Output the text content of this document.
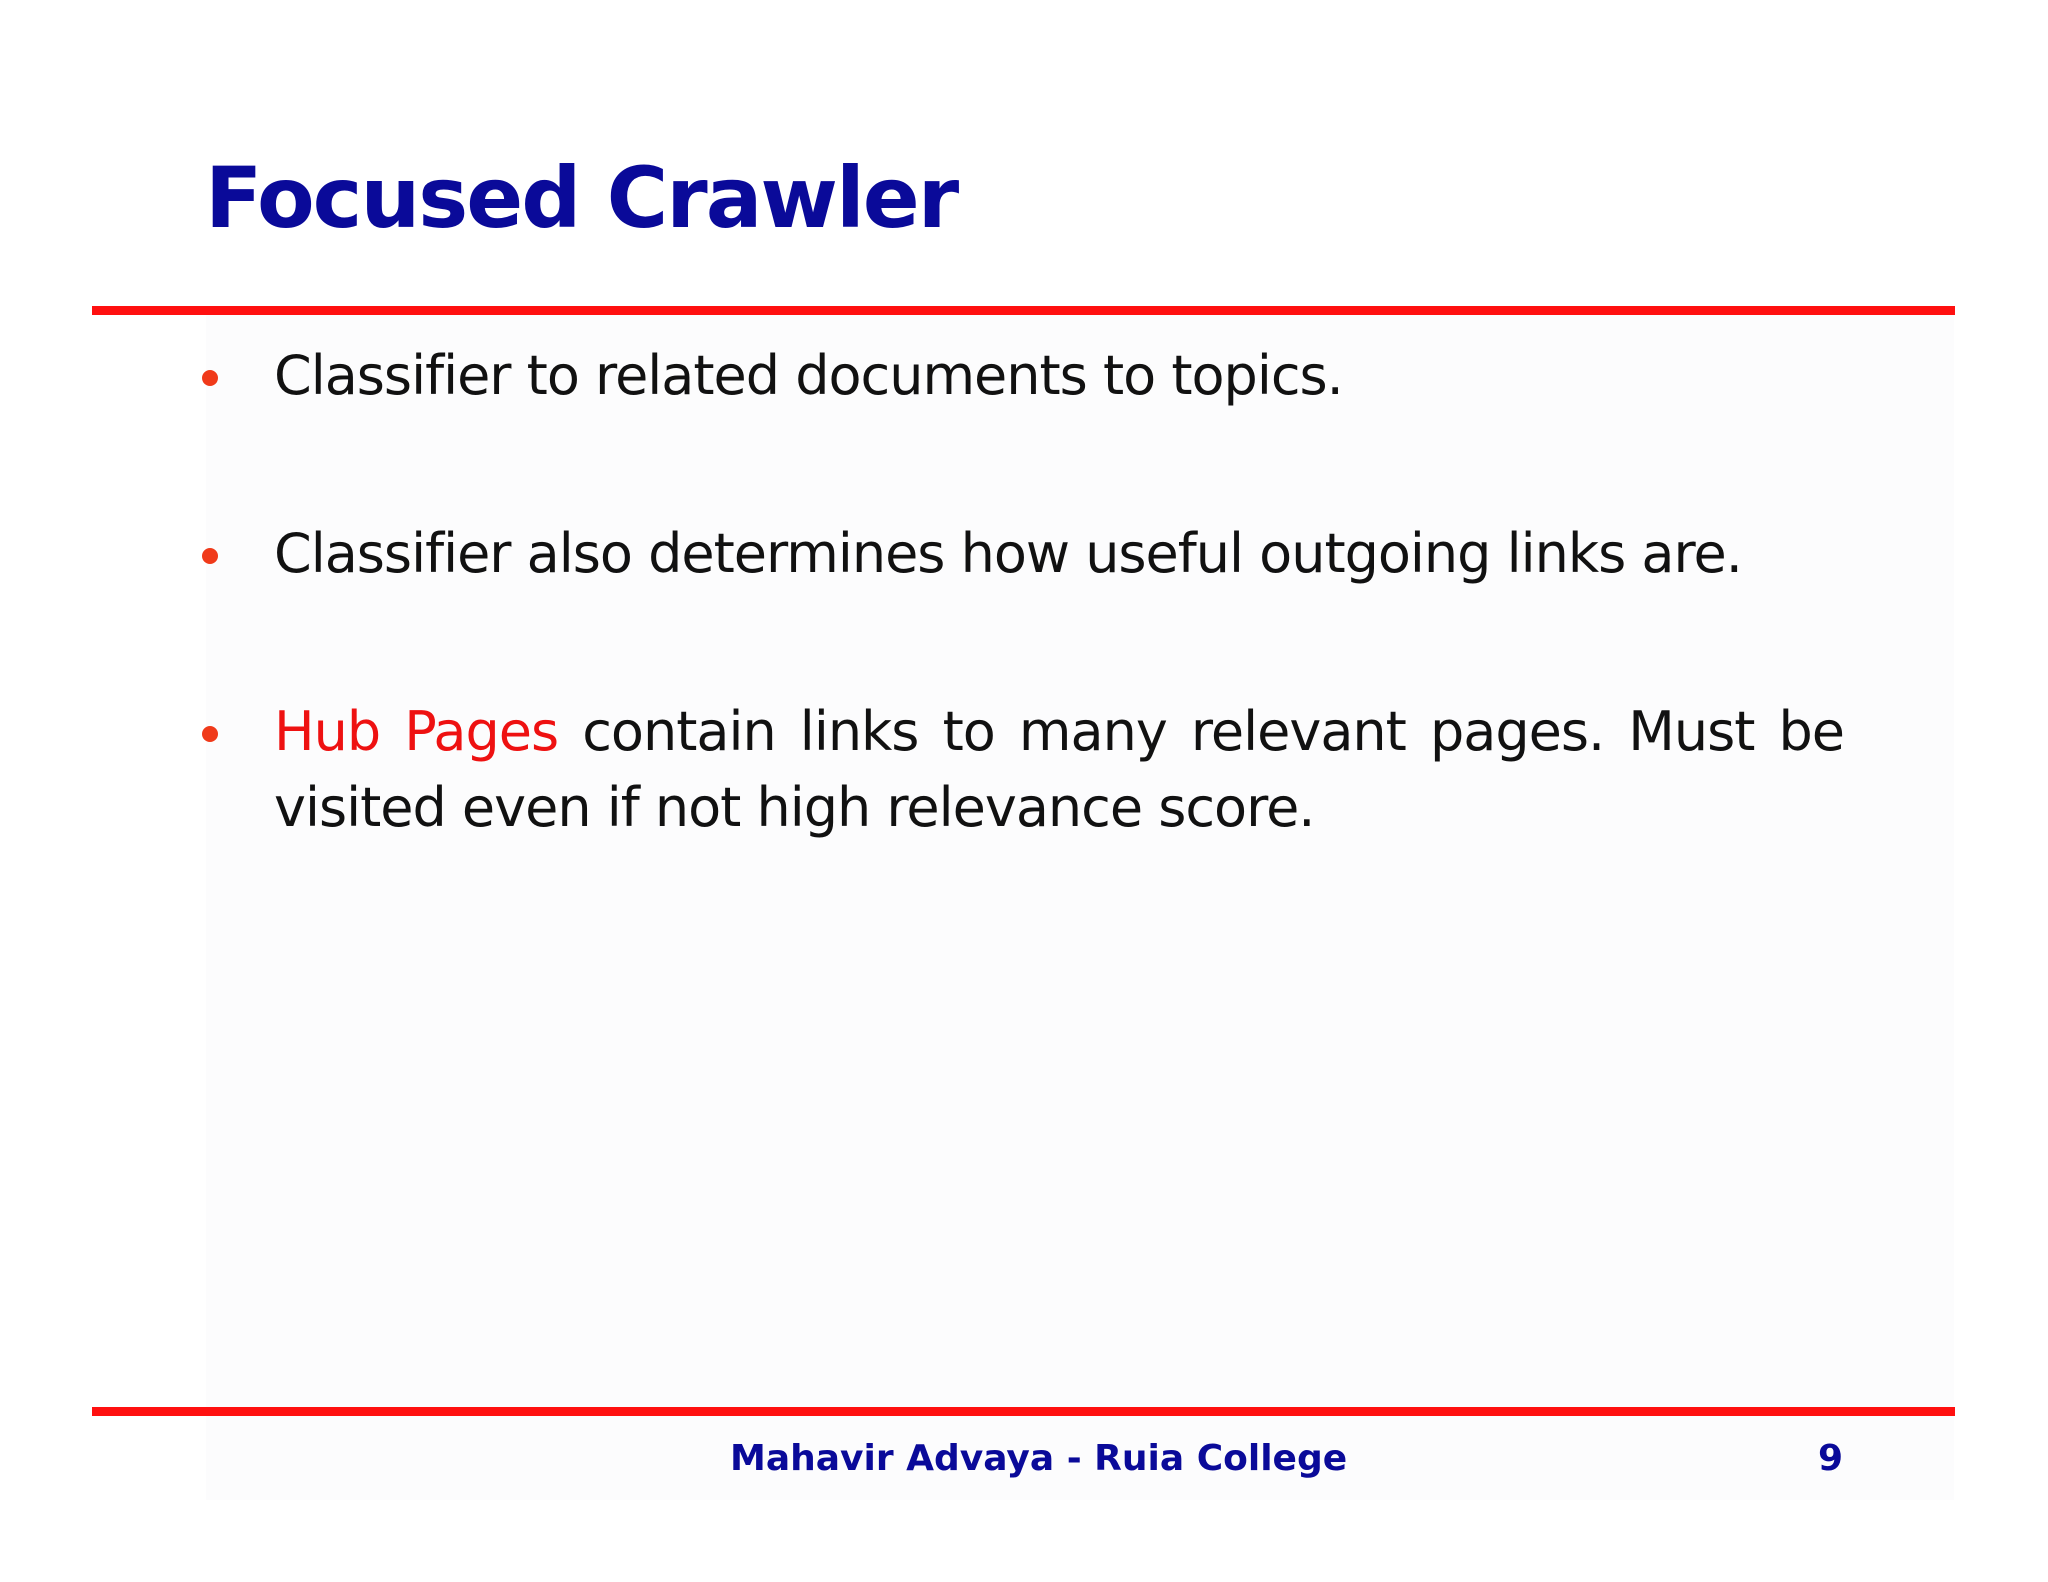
Focused Crawler
Classifier to related documents to topics.
Classifier also determines how useful outgoing links are.
Hub Pages contain links to many relevant pages. Must be visited even if not high relevance score.
Mahavir Advaya - Ruia College	9
